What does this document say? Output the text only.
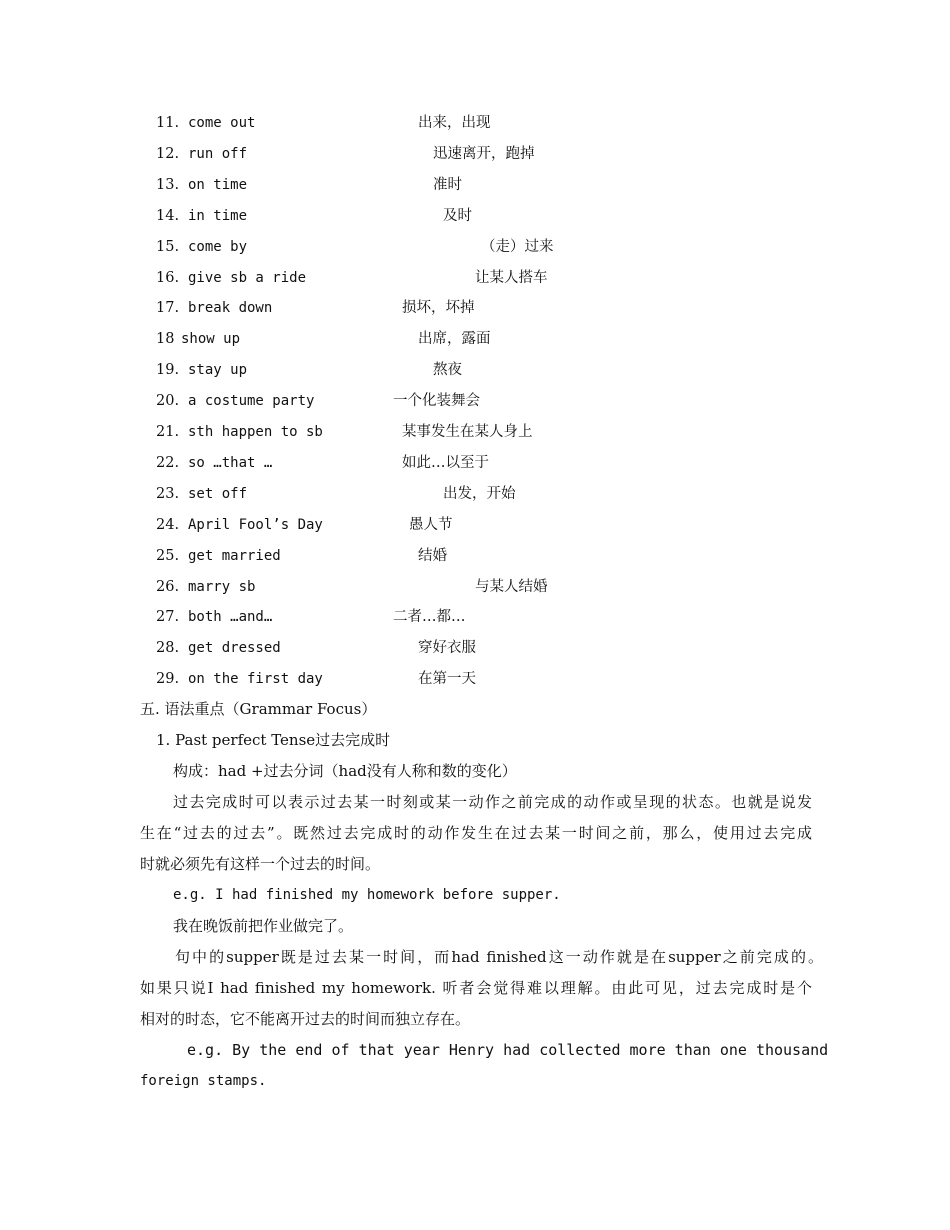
11. come out	出来，出现
12. run off	迅速离开，跑掉
13. on time	准时
14. in time	及时
15. come by	（走）过来
16. give sb a ride	让某人搭车
17. break down	损坏，坏掉
18 show up	出席，露面
19. stay up	熬夜
20. a costume party	一个化装舞会
21. sth happen to sb	某事发生在某人身上
22. so …that …	如此…以至于
23. set off	出发，开始
24. April Fool’s Day	愚人节
25. get married	结婚
26. marry sb	与某人结婚
27. both …and…	二者…都…
28. get dressed	穿好衣服
29. on the first day	在第一天
五. 语法重点（Grammar Focus）
1. Past perfect Tense过去完成时
构成：had +过去分词（had没有人称和数的变化）
过去完成时可以表示过去某一时刻或某一动作之前完成的动作或呈现的状态。也就是说发
生在“过去的过去”。既然过去完成时的动作发生在过去某一时间之前，那么，使用过去完成
时就必须先有这样一个过去的时间。
e.g. I had finished my homework before supper.
我在晚饭前把作业做完了。
句中的supper既是过去某一时间，而had finished这一动作就是在supper之前完成的。
如果只说I had finished my homework. 听者会觉得难以理解。由此可见，过去完成时是个
相对的时态，它不能离开过去的时间而独立存在。
e.g. By the end of that year Henry had collected more than one thousand
foreign stamps.
